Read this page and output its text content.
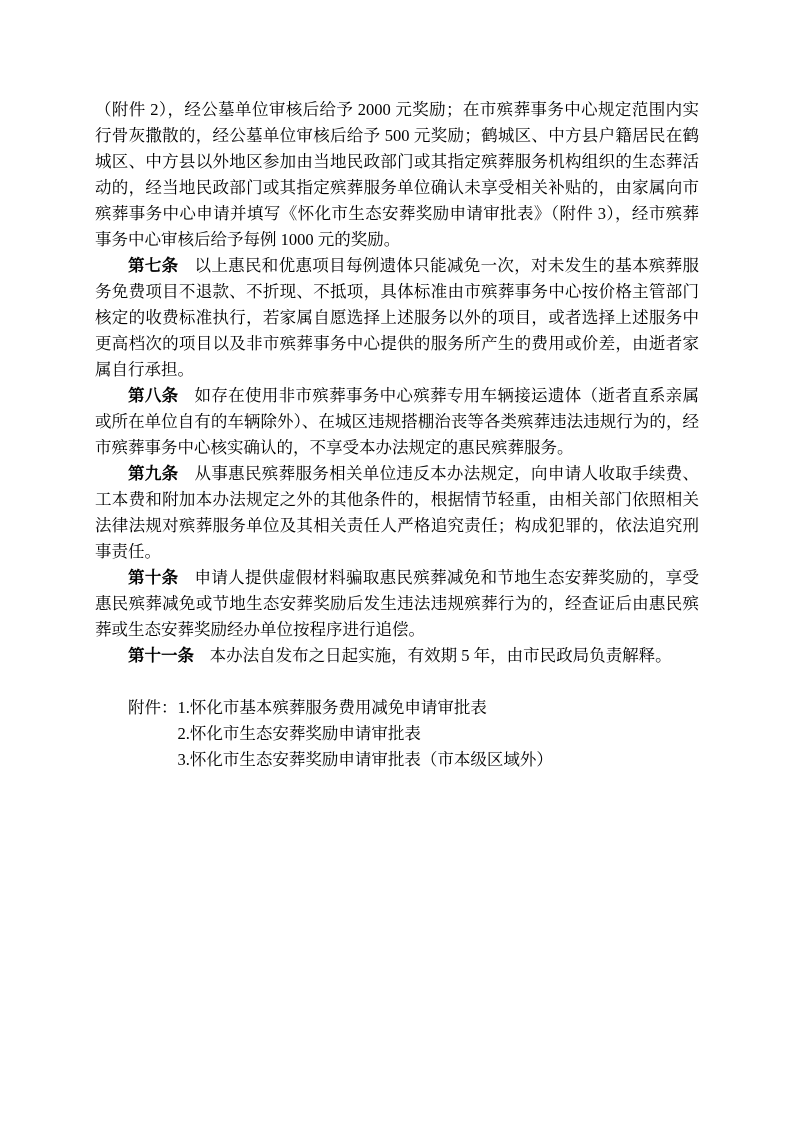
（附件 2），经公墓单位审核后给予 2000 元奖励；在市殡葬事务中心规定范围内实行骨灰撒散的，经公墓单位审核后给予 500 元奖励；鹤城区、中方县户籍居民在鹤城区、中方县以外地区参加由当地民政部门或其指定殡葬服务机构组织的生态葬活动的，经当地民政部门或其指定殡葬服务单位确认未享受相关补贴的，由家属向市殡葬事务中心申请并填写《怀化市生态安葬奖励申请审批表》（附件 3），经市殡葬事务中心审核后给予每例 1000 元的奖励。

第七条 以上惠民和优惠项目每例遗体只能减免一次，对未发生的基本殡葬服务免费项目不退款、不折现、不抵项，具体标准由市殡葬事务中心按价格主管部门核定的收费标准执行，若家属自愿选择上述服务以外的项目，或者选择上述服务中更高档次的项目以及非市殡葬事务中心提供的服务所产生的费用或价差，由逝者家属自行承担。

第八条 如存在使用非市殡葬事务中心殡葬专用车辆接运遗体（逝者直系亲属或所在单位自有的车辆除外）、在城区违规搭棚治丧等各类殡葬违法违规行为的，经市殡葬事务中心核实确认的，不享受本办法规定的惠民殡葬服务。

第九条 从事惠民殡葬服务相关单位违反本办法规定，向申请人收取手续费、工本费和附加本办法规定之外的其他条件的，根据情节轻重，由相关部门依照相关法律法规对殡葬服务单位及其相关责任人严格追究责任；构成犯罪的，依法追究刑事责任。

第十条 申请人提供虚假材料骗取惠民殡葬减免和节地生态安葬奖励的，享受惠民殡葬减免或节地生态安葬奖励后发生违法违规殡葬行为的，经查证后由惠民殡葬或生态安葬奖励经办单位按程序进行追偿。

第十一条 本办法自发布之日起实施，有效期 5 年，由市民政局负责解释。

附件：1.怀化市基本殡葬服务费用减免申请审批表
2.怀化市生态安葬奖励申请审批表
3.怀化市生态安葬奖励申请审批表（市本级区域外）
